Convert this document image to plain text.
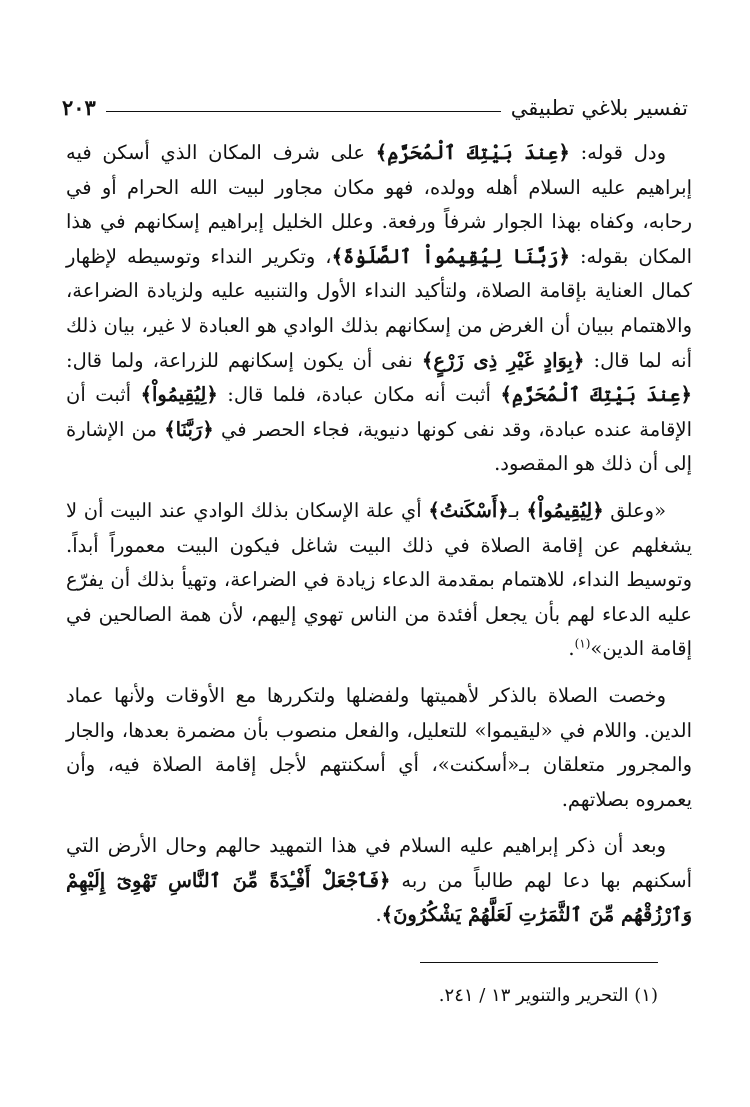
تفسير بلاغي تطبيقي
٢٠٣

ودل قوله: ﴿عِندَ بَيْتِكَ ٱلْمُحَرَّمِ﴾ على شرف المكان الذي أسكن فيه إبراهيم عليه السلام أهله وولده، فهو مكان مجاور لبيت الله الحرام أو في رحابه، وكفاه بهذا الجوار شرفاً ورفعة. وعلل الخليل إبراهيم إسكانهم في هذا المكان بقوله: ﴿رَبَّنَا لِيُقِيمُواْ ٱلصَّلَوٰةَ﴾، وتكرير النداء وتوسيطه لإظهار كمال العناية بإقامة الصلاة، ولتأكيد النداء الأول والتنبيه عليه ولزيادة الضراعة، والاهتمام ببيان أن الغرض من إسكانهم بذلك الوادي هو العبادة لا غير، بيان ذلك أنه لما قال: ﴿بِوَادٍ غَيْرِ ذِى زَرْعٍ﴾ نفى أن يكون إسكانهم للزراعة، ولما قال: ﴿عِندَ بَيْتِكَ ٱلْمُحَرَّمِ﴾ أثبت أنه مكان عبادة، فلما قال: ﴿لِيُقِيمُواْ﴾ أثبت أن الإقامة عنده عبادة، وقد نفى كونها دنيوية، فجاء الحصر في ﴿رَبَّنَا﴾ من الإشارة إلى أن ذلك هو المقصود.

«وعلق ﴿لِيُقِيمُواْ﴾ بـ﴿أَسْكَنتُ﴾ أي علة الإسكان بذلك الوادي عند البيت أن لا يشغلهم عن إقامة الصلاة في ذلك البيت شاغل فيكون البيت معموراً أبداً. وتوسيط النداء، للاهتمام بمقدمة الدعاء زيادة في الضراعة، وتهيأ بذلك أن يفرّع عليه الدعاء لهم بأن يجعل أفئدة من الناس تهوي إليهم، لأن همة الصالحين في إقامة الدين»$^{(١)}$.

وخصت الصلاة بالذكر لأهميتها ولفضلها ولتكررها مع الأوقات ولأنها عماد الدين. واللام في «ليقيموا» للتعليل، والفعل منصوب بأن مضمرة بعدها، والجار والمجرور متعلقان بـ«أسكنت»، أي أسكنتهم لأجل إقامة الصلاة فيه، وأن يعمروه بصلاتهم.

وبعد أن ذكر إبراهيم عليه السلام في هذا التمهيد حالهم وحال الأرض التي أسكنهم بها دعا لهم طالباً من ربه ﴿فَٱجْعَلْ أَفْـِٔدَةً مِّنَ ٱلنَّاسِ تَهْوِىٓ إِلَيْهِمْ وَٱرْزُقْهُم مِّنَ ٱلثَّمَرَٰتِ لَعَلَّهُمْ يَشْكُرُونَ﴾.

(١) التحرير والتنوير ١٣ / ٢٤١.
